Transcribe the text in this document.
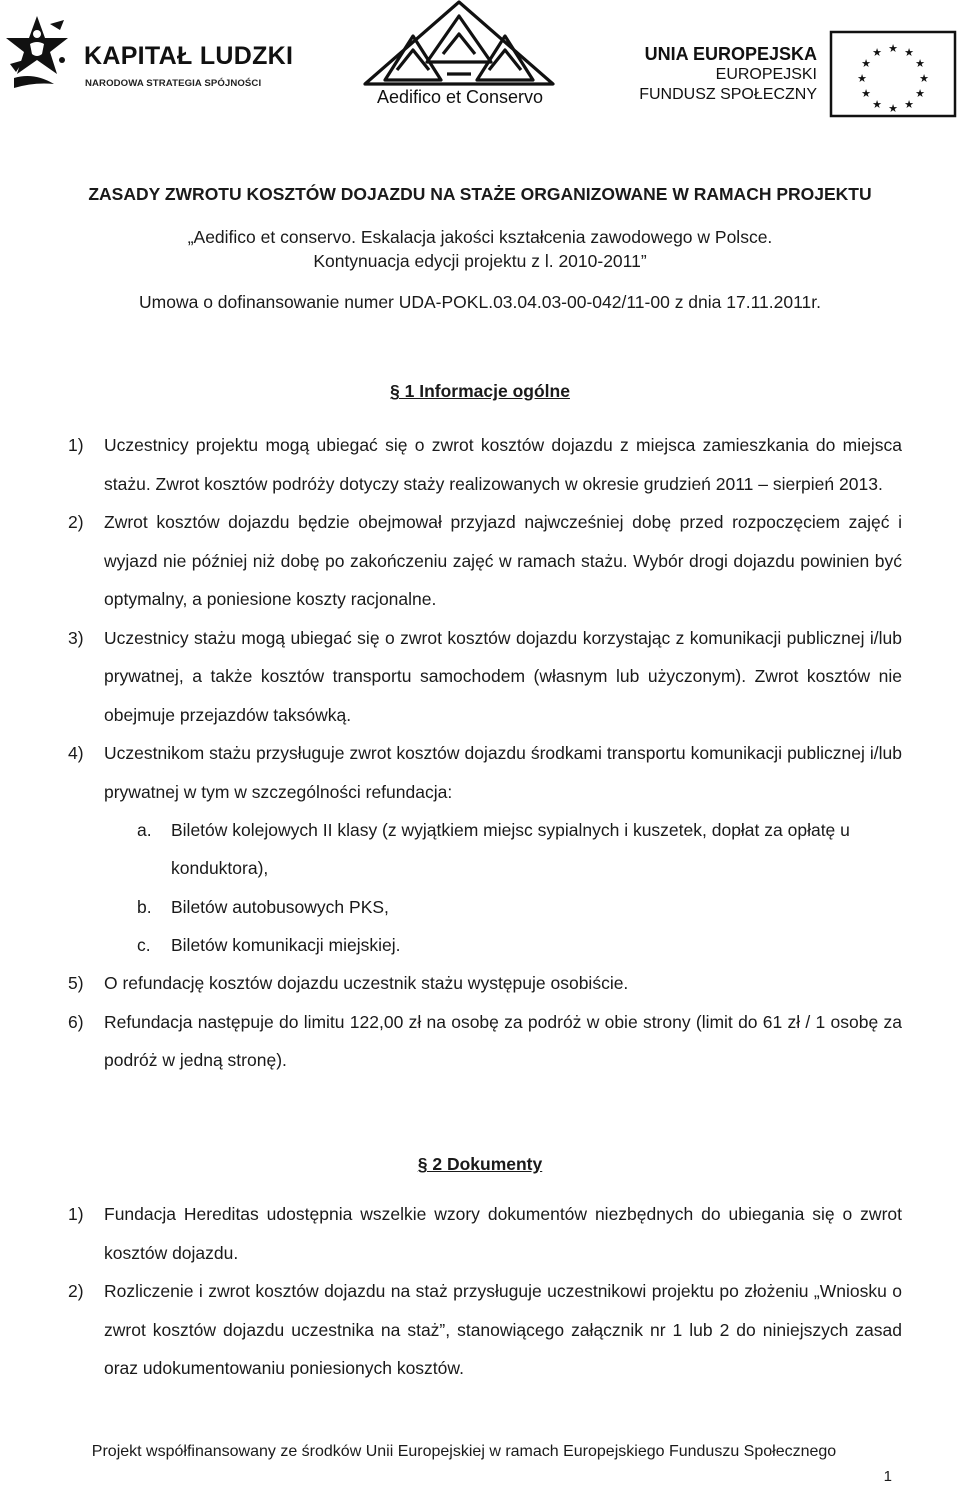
KAPITAŁ LUDZKI
NARODOWA STRATEGIA SPÓJNOŚCI
Aedifico et Conservo
UNIA EUROPEJSKA
EUROPEJSKI
FUNDUSZ SPOŁECZNY
★ ★
★
★
★
★
★
★
★
★
★
★
ZASADY ZWROTU KOSZTÓW DOJAZDU NA STAŻE ORGANIZOWANE W RAMACH PROJEKTU
„Aedifico et conservo. Eskalacja jakości kształcenia zawodowego w Polsce.
Kontynuacja edycji projektu z l. 2010-2011”
Umowa o dofinansowanie numer UDA-POKL.03.04.03-00-042/11-00 z dnia 17.11.2011r.
§ 1 Informacje ogólne
1) Uczestnicy projektu mogą ubiegać się o zwrot kosztów dojazdu z miejsca zamieszkania do miejsca stażu. Zwrot kosztów podróży dotyczy staży realizowanych w okresie grudzień 2011 – sierpień 2013.
2) Zwrot kosztów dojazdu będzie obejmował przyjazd najwcześniej dobę przed rozpoczęciem zajęć i wyjazd nie później niż dobę po zakończeniu zajęć w ramach stażu. Wybór drogi dojazdu powinien być optymalny, a poniesione koszty racjonalne.
3) Uczestnicy stażu mogą ubiegać się o zwrot kosztów dojazdu korzystając z komunikacji publicznej i/lub prywatnej, a także kosztów transportu samochodem (własnym lub użyczonym). Zwrot kosztów nie obejmuje przejazdów taksówką.
4) Uczestnikom stażu przysługuje zwrot kosztów dojazdu środkami transportu komunikacji publicznej i/lub prywatnej w tym w szczególności refundacja:
a. Biletów kolejowych II klasy (z wyjątkiem miejsc sypialnych i kuszetek, dopłat za opłatę u konduktora),
b. Biletów autobusowych PKS,
c. Biletów komunikacji miejskiej.
5) O refundację kosztów dojazdu uczestnik stażu występuje osobiście.
6) Refundacja następuje do limitu 122,00 zł na osobę za podróż w obie strony (limit do 61 zł / 1 osobę za podróż w jedną stronę).
§ 2 Dokumenty
1) Fundacja Hereditas udostępnia wszelkie wzory dokumentów niezbędnych do ubiegania się o zwrot kosztów dojazdu.
2) Rozliczenie i zwrot kosztów dojazdu na staż przysługuje uczestnikowi projektu po złożeniu „Wniosku o zwrot kosztów dojazdu uczestnika na staż”, stanowiącego załącznik nr 1 lub 2 do niniejszych zasad oraz udokumentowaniu poniesionych kosztów.
Projekt współfinansowany ze środków Unii Europejskiej w ramach Europejskiego Funduszu Społecznego
1
